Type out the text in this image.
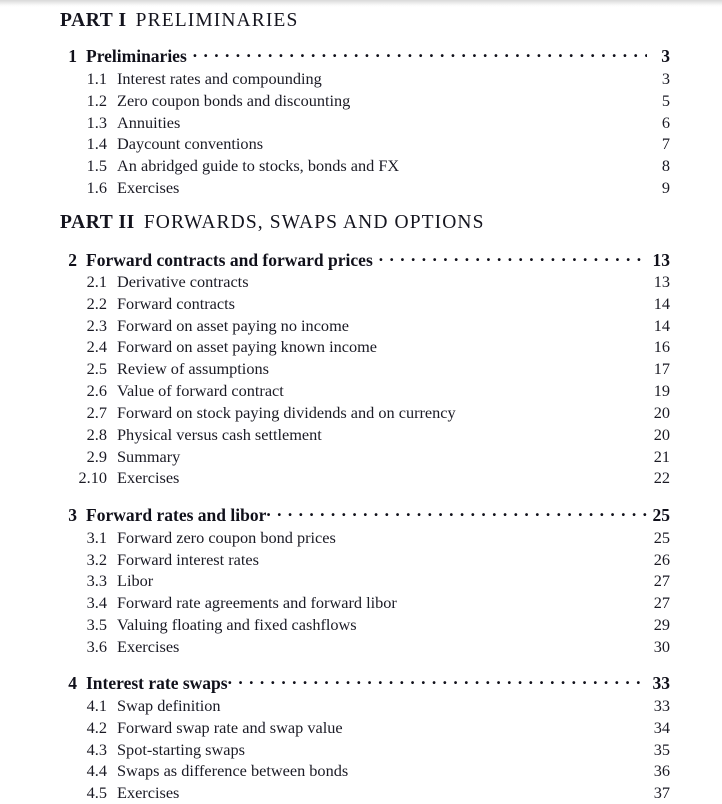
PART I PRELIMINARIES
1 Preliminaries . . .	3
1.1 Interest rates and compounding	3
1.2 Zero coupon bonds and discounting	5
1.3 Annuities	6
1.4 Daycount conventions	7
1.5 An abridged guide to stocks, bonds and FX	8
1.6 Exercises	9
PART II FORWARDS, SWAPS AND OPTIONS
2 Forward contracts and forward prices . . .	13
2.1 Derivative contracts	13
2.2 Forward contracts	14
2.3 Forward on asset paying no income	14
2.4 Forward on asset paying known income	16
2.5 Review of assumptions	17
2.6 Value of forward contract	19
2.7 Forward on stock paying dividends and on currency	20
2.8 Physical versus cash settlement	20
2.9 Summary	21
2.10 Exercises	22
3 Forward rates and libor . . .	25
3.1 Forward zero coupon bond prices	25
3.2 Forward interest rates	26
3.3 Libor	27
3.4 Forward rate agreements and forward libor	27
3.5 Valuing floating and fixed cashflows	29
3.6 Exercises	30
4 Interest rate swaps . . .	33
4.1 Swap definition	33
4.2 Forward swap rate and swap value	34
4.3 Spot-starting swaps	35
4.4 Swaps as difference between bonds	36
4.5 Exercises	37
